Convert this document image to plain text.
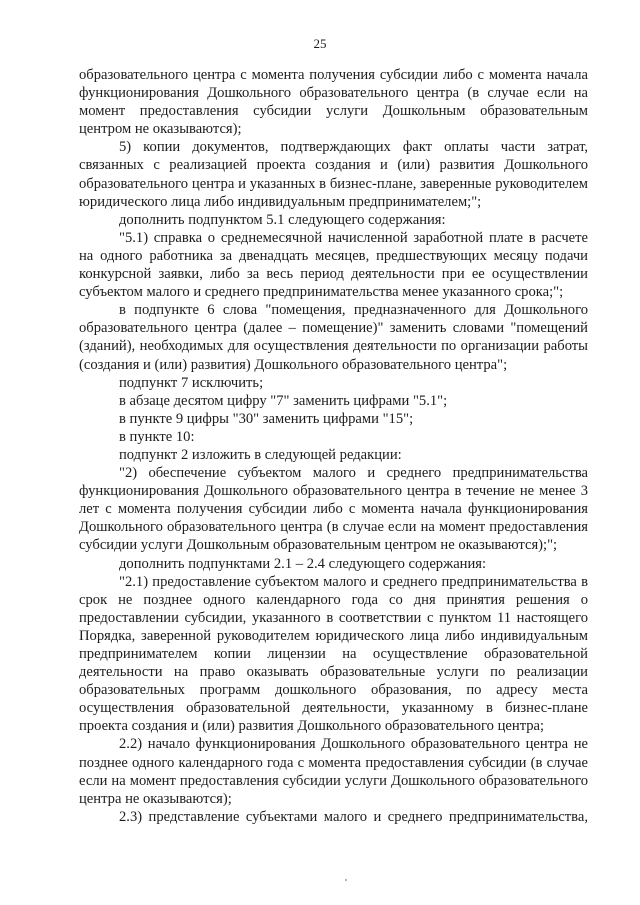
25

образовательного центра с момента получения субсидии либо с момента начала функционирования Дошкольного образовательного центра (в случае если на момент предоставления субсидии услуги Дошкольным образовательным центром не оказываются);

5) копии документов, подтверждающих факт оплаты части затрат, связанных с реализацией проекта создания и (или) развития Дошкольного образовательного центра и указанных в бизнес-плане, заверенные руководителем юридического лица либо индивидуальным предпринимателем;";

дополнить подпунктом 5.1 следующего содержания:

"5.1) справка о среднемесячной начисленной заработной плате в расчете на одного работника за двенадцать месяцев, предшествующих месяцу подачи конкурсной заявки, либо за весь период деятельности при ее осуществлении субъектом малого и среднего предпринимательства менее указанного срока;";

в подпункте 6 слова "помещения, предназначенного для Дошкольного образовательного центра (далее – помещение)" заменить словами "помещений (зданий), необходимых для осуществления деятельности по организации работы (создания и (или) развития) Дошкольного образовательного центра";

подпункт 7 исключить;

в абзаце десятом цифру "7" заменить цифрами "5.1";

в пункте 9 цифры "30" заменить цифрами "15";

в пункте 10:

подпункт 2 изложить в следующей редакции:

"2) обеспечение субъектом малого и среднего предпринимательства функционирования Дошкольного образовательного центра в течение не менее 3 лет с момента получения субсидии либо с момента начала функционирования Дошкольного образовательного центра (в случае если на момент предоставления субсидии услуги Дошкольным образовательным центром не оказываются);";

дополнить подпунктами 2.1 – 2.4 следующего содержания:

"2.1) предоставление субъектом малого и среднего предпринимательства в срок не позднее одного календарного года со дня принятия решения о предоставлении субсидии, указанного в соответствии с пунктом 11 настоящего Порядка, заверенной руководителем юридического лица либо индивидуальным предпринимателем копии лицензии на осуществление образовательной деятельности на право оказывать образовательные услуги по реализации образовательных программ дошкольного образования, по адресу места осуществления образовательной деятельности, указанному в бизнес-плане проекта создания и (или) развития Дошкольного образовательного центра;

2.2) начало функционирования Дошкольного образовательного центра не позднее одного календарного года с момента предоставления субсидии (в случае если на момент предоставления субсидии услуги Дошкольного образовательного центра не оказываются);

2.3) представление субъектами малого и среднего предпринимательства,
